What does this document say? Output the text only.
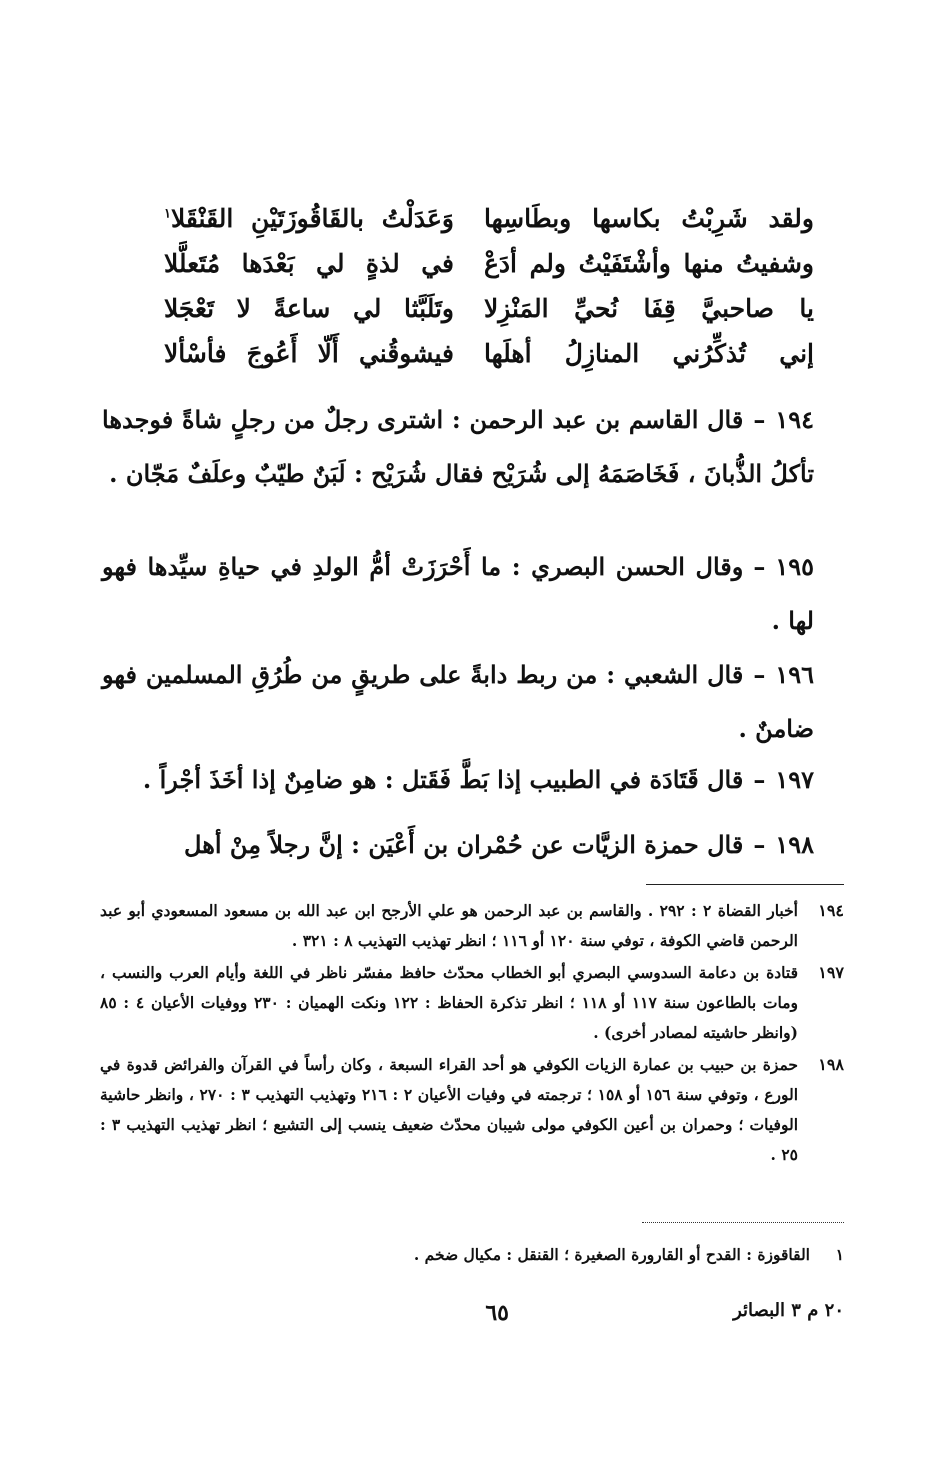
ولقد شَرِبْتُ بكاسها وبطَاسِها
وَعَدَلْتُ بالقَاقُوزَتَيْنِ القَنْقَلا$^١$
وشفيتُ منها وأشْتَفَيْتُ ولم أدَعْ
في لذةٍ لي بَعْدَها مُتَعلَّلا
يا صاحبيَّ قِفَا نُحيِّ المَنْزِلا
وتَلَبَّثا لي ساعةً لا تَعْجَلا
إني تُذكِّرُني المنازِلُ أهلَها
فيشوقُني أَلّا أَعُوجَ فأسْألا
١٩٤–قال القاسم بن عبد الرحمن : اشترى رجلٌ من رجلٍ شاةً فوجدها تأكلُ الذُّبانَ ، فَخَاصَمَهُ إلى شُرَيْح فقال شُرَيْح : لَبَنٌ طيّبٌ وعلَفٌ مَجّان .
١٩٥–وقال الحسن البصري : ما أَحْرَزَتْ أمُّ الولدِ في حياةِ سيِّدها فهو لها .
١٩٦–قال الشعبي : من ربط دابةً على طريقٍ من طُرُقِ المسلمين فهو ضامنٌ .
١٩٧–قال قَتَادَة في الطبيب إذا بَطَّ فَقَتل : هو ضامِنٌ إذا أخَذَ أجْراً .
١٩٨–قال حمزة الزيَّات عن حُمْران بن أَعْيَن : إنَّ رجلاً مِنْ أهل
١٩٤
أخبار القضاة ٢ : ٢٩٢ . والقاسم بن عبد الرحمن هو علي الأرجح ابن عبد الله بن مسعود المسعودي أبو عبد الرحمن قاضي الكوفة ، توفي سنة ١٢٠ أو ١١٦ ؛ انظر تهذيب التهذيب ٨ : ٣٢١ .
١٩٧
قتادة بن دعامة السدوسي البصري أبو الخطاب محدّث حافظ مفسّر ناظر في اللغة وأيام العرب والنسب ، ومات بالطاعون سنة ١١٧ أو ١١٨ ؛ انظر تذكرة الحفاظ : ١٢٢ ونكت الهميان : ٢٣٠ ووفيات الأعيان ٤ : ٨٥ (وانظر حاشيته لمصادر أخرى) .
١٩٨
حمزة بن حبيب بن عمارة الزيات الكوفي هو أحد القراء السبعة ، وكان رأساً في القرآن والفرائض قدوة في الورع ، وتوفي سنة ١٥٦ أو ١٥٨ ؛ ترجمته في وفيات الأعيان ٢ : ٢١٦ وتهذيب التهذيب ٣ : ٢٧٠ ، وانظر حاشية الوفيات ؛ وحمران بن أعين الكوفي مولى شيبان محدّث ضعيف ينسب إلى التشيع ؛ انظر تهذيب التهذيب ٣ : ٢٥ .
١القاقوزة : القدح أو القارورة الصغيرة ؛ القنقل : مكيال ضخم .
٢٠ م ٣ البصائر
٦٥
